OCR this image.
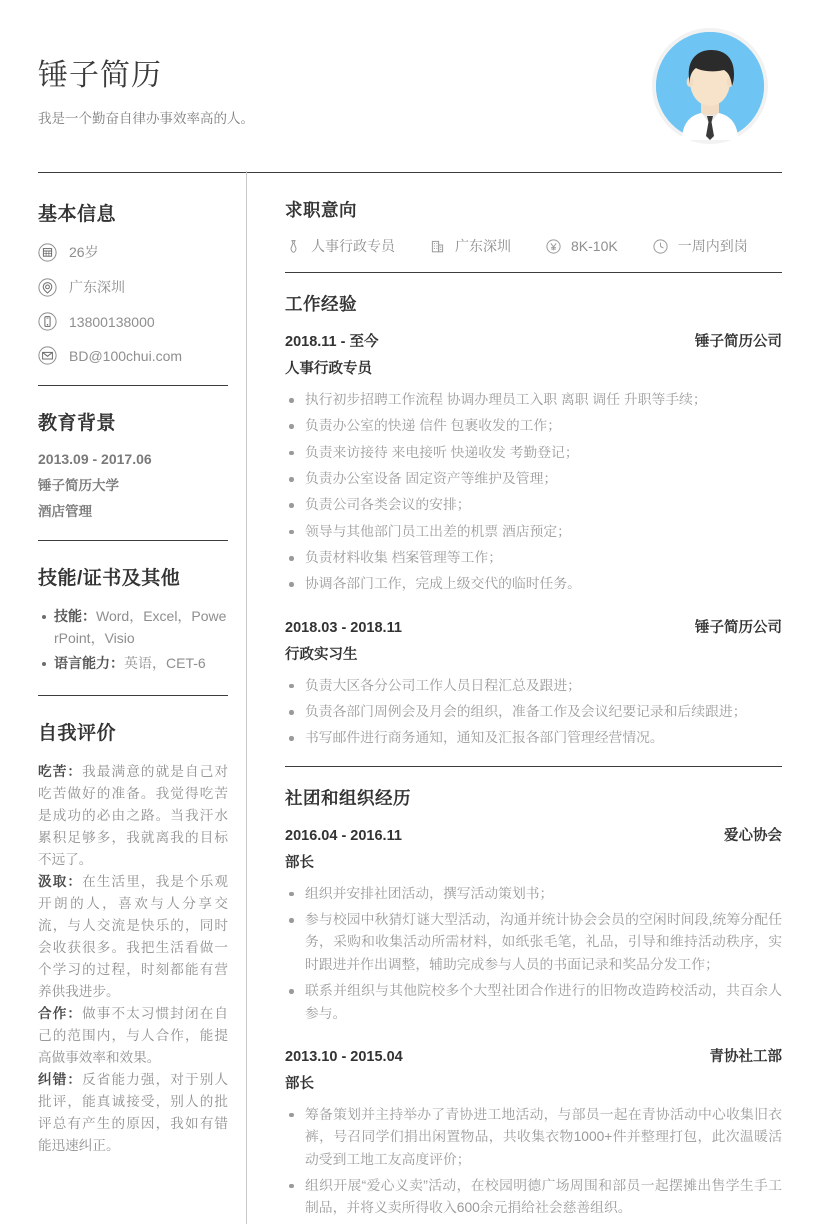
锤子简历

我是一个勤奋自律办事效率高的人。

基本信息
26岁
广东深圳
13800138000
BD@100chui.com
教育背景
2013.09 - 2017.06
锤子简历大学
酒店管理
技能/证书及其他
技能：Word，Excel，PowerPoint，Visio
语言能力：英语，CET-6
自我评价

吃苦：我最满意的就是自己对吃苦做好的准备。我觉得吃苦是成功的必由之路。当我汗水累积足够多，我就离我的目标不远了。

汲取：在生活里，我是个乐观开朗的人，喜欢与人分享交流，与人交流是快乐的，同时会收获很多。我把生活看做一个学习的过程，时刻都能有营养供我进步。

合作：做事不太习惯封闭在自己的范围内，与人合作，能提高做事效率和效果。

纠错：反省能力强，对于别人批评，能真诚接受，别人的批评总有产生的原因，我如有错能迅速纠正。

求职意向
人事行政专员	广东深圳	8K-10K	一周内到岗
工作经验
2018.11 - 至今	锤子简历公司
人事行政专员
执行初步招聘工作流程 协调办理员工入职 离职 调任 升职等手续；
负责办公室的快递 信件 包裹收发的工作；
负责来访接待 来电接听 快递收发 考勤登记；
负责办公室设备 固定资产等维护及管理；
负责公司各类会议的安排；
领导与其他部门员工出差的机票 酒店预定；
负责材料收集 档案管理等工作；
协调各部门工作，完成上级交代的临时任务。
2018.03 - 2018.11	锤子简历公司
行政实习生
负责大区各分公司工作人员日程汇总及跟进；
负责各部门周例会及月会的组织，准备工作及会议纪要记录和后续跟进；
书写邮件进行商务通知，通知及汇报各部门管理经营情况。
社团和组织经历
2016.04 - 2016.11	爱心协会
部长
组织并安排社团活动，撰写活动策划书；
参与校园中秋猜灯谜大型活动，沟通并统计协会会员的空闲时间段,统筹分配任务，采购和收集活动所需材料，如纸张毛笔，礼品，引导和维持活动秩序，实时跟进并作出调整，辅助完成参与人员的书面记录和奖品分发工作；
联系并组织与其他院校多个大型社团合作进行的旧物改造跨校活动，共百余人参与。
2013.10 - 2015.04	青协社工部
部长
筹备策划并主持举办了青协进工地活动，与部员一起在青协活动中心收集旧衣裤，号召同学们捐出闲置物品，共收集衣物1000+件并整理打包，此次温暖活动受到工地工友高度评价；
组织开展“爱心义卖”活动，在校园明德广场周围和部员一起摆摊出售学生手工制品，并将义卖所得收入600余元捐给社会慈善组织。
